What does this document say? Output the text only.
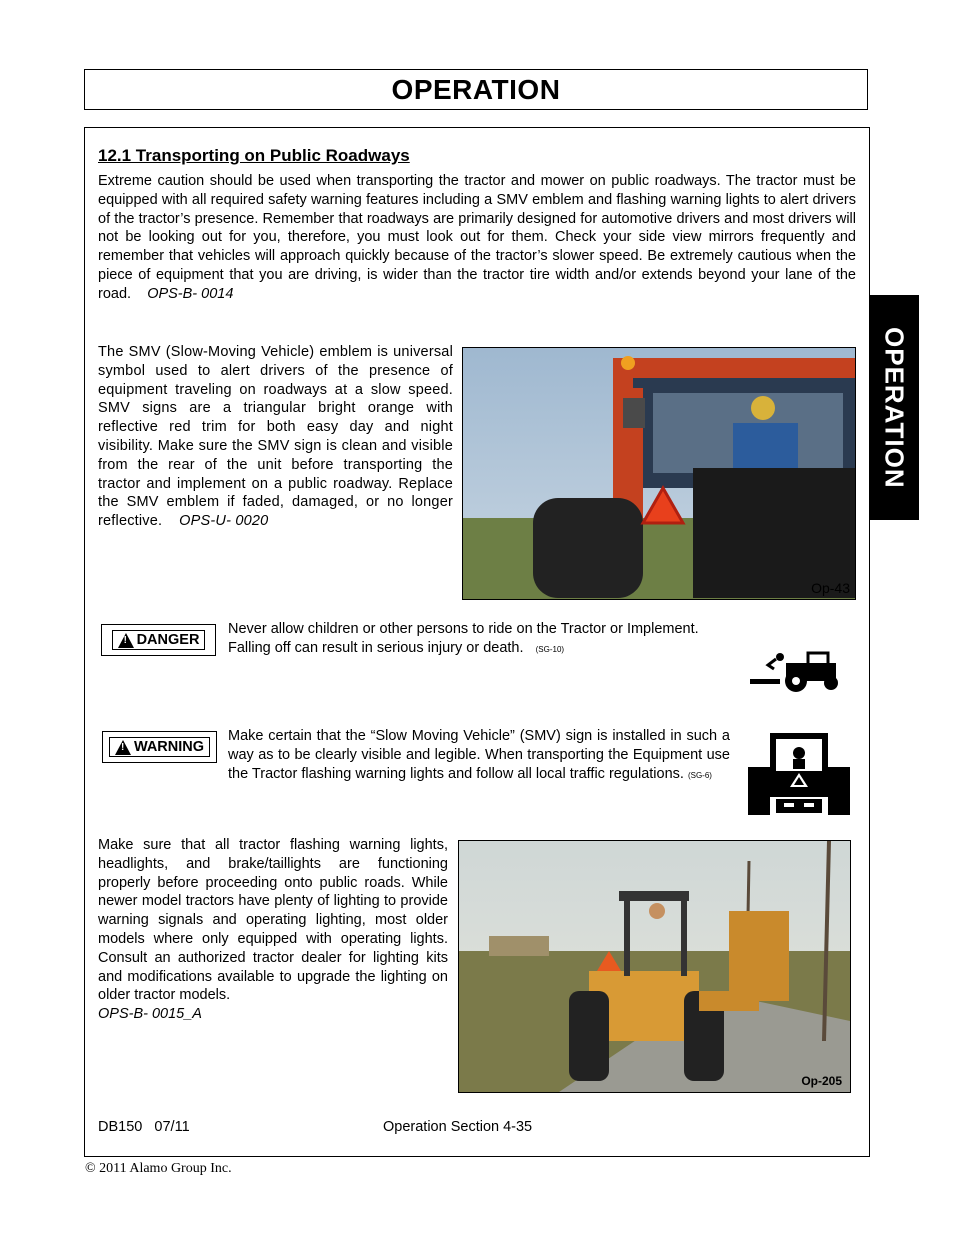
OPERATION
OPERATION
12.1 Transporting on Public Roadways
Extreme caution should be used when transporting the tractor and mower on public roadways. The tractor must be equipped with all required safety warning features including a SMV emblem and flashing warning lights to alert drivers of the tractor’s presence. Remember that roadways are primarily designed for automotive drivers and most drivers will not be looking out for you, therefore, you must look out for them. Check your side view mirrors frequently and remember that vehicles will approach quickly because of the tractor’s slower speed. Be extremely cautious when the piece of equipment that you are driving, is wider than the tractor tire width and/or extends beyond your lane of the road. OPS-B- 0014
The SMV (Slow-Moving Vehicle) emblem is universal symbol used to alert drivers of the presence of equipment traveling on roadways at a slow speed. SMV signs are a triangular bright orange with reflective red trim for both easy day and night visibility. Make sure the SMV sign is clean and visible from the rear of the unit before transporting the tractor and implement on a public roadway. Replace the SMV emblem if faded, damaged, or no longer reflective. OPS-U- 0020
Op-43
!
DANGER
Never allow children or other persons to ride on the Tractor or Implement. Falling off can result in serious injury or death. (SG-10)
!
WARNING
Make certain that the “Slow Moving Vehicle” (SMV) sign is installed in such a way as to be clearly visible and legible. When transporting the Equipment use the Tractor flashing warning lights and follow all local traffic regulations. (SG-6)
Make sure that all tractor flashing warning lights, headlights, and brake/taillights are functioning properly before proceeding onto public roads. While newer model tractors have plenty of lighting to provide warning signals and operating lighting, most older models where only equipped with operating lights. Consult an authorized tractor dealer for lighting kits and modifications available to upgrade the lighting on older tractor models.
OPS-B- 0015_A
Op-205
DB150   07/11	Operation Section 4-35
© 2011 Alamo Group Inc.
